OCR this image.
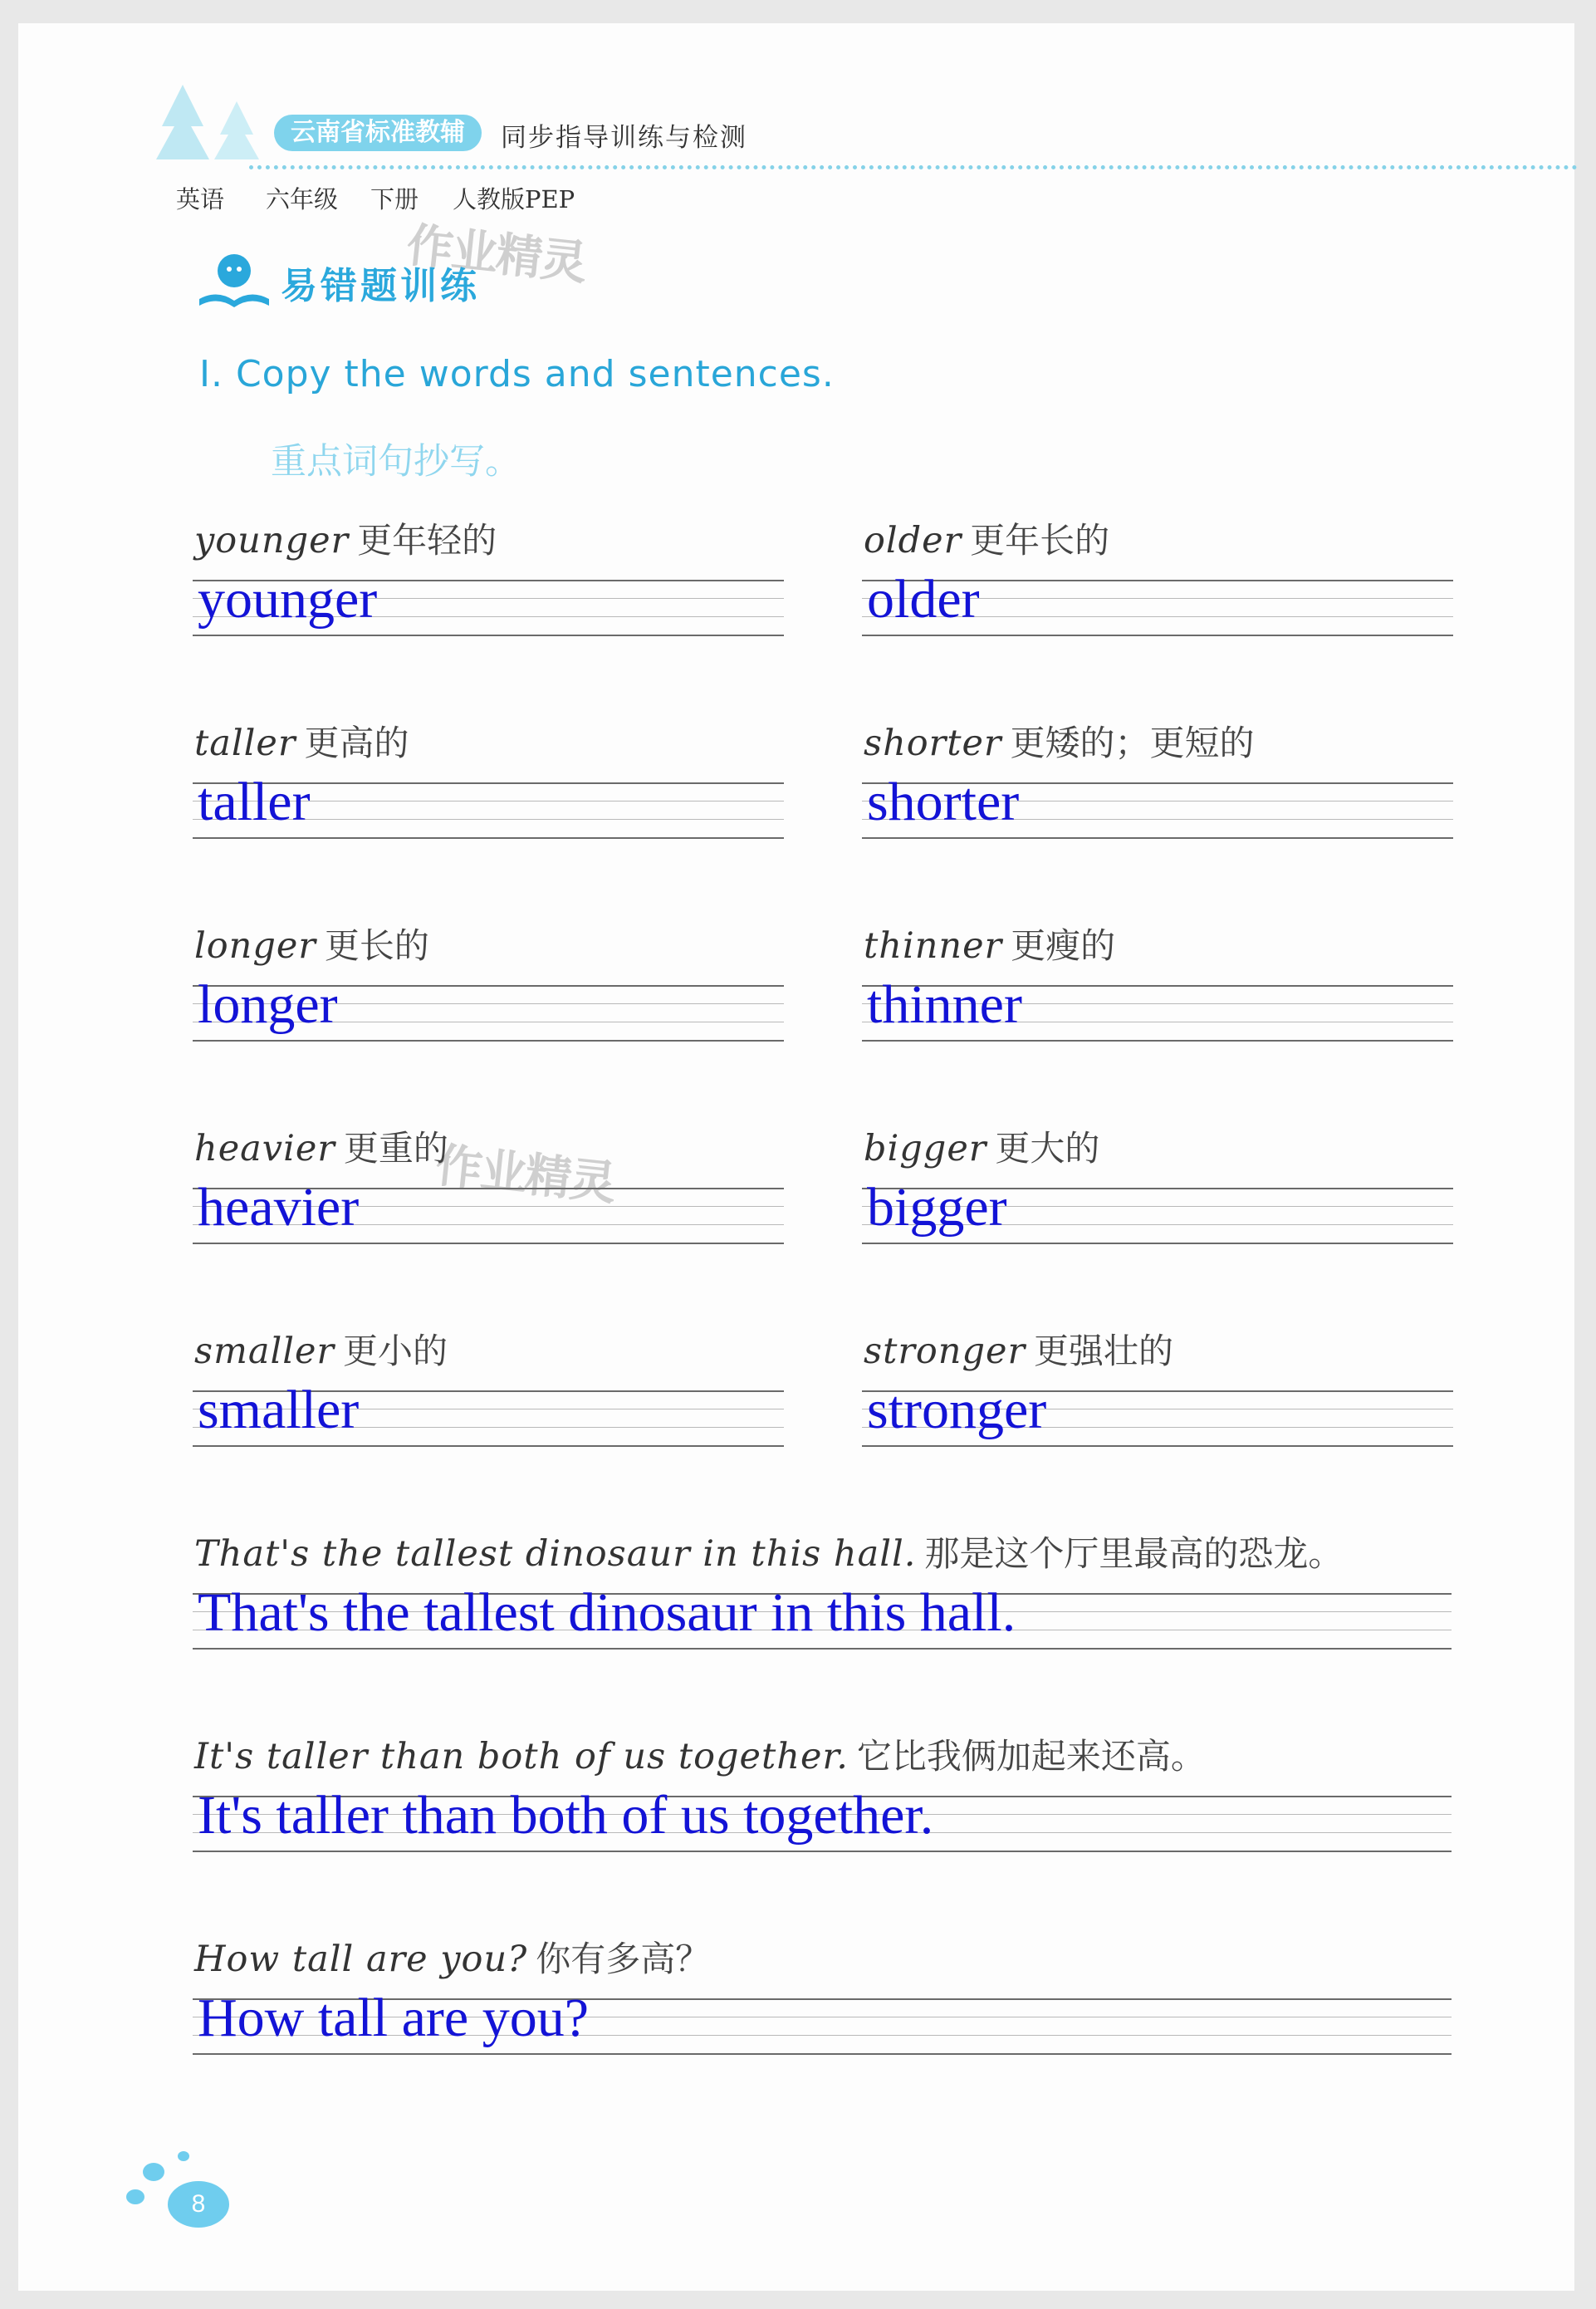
云南省标准教辅	同步指导训练与检测
英语 六年级 下册 人教版PEP
作业精灵
作业精灵
易错题训练
Ⅰ. Copy the words and sentences.
重点词句抄写。
younger 更年轻的
younger
older 更年长的
older
taller 更高的
taller
shorter 更矮的；更短的
shorter
longer 更长的
longer
thinner 更瘦的
thinner
heavier 更重的
heavier
bigger 更大的
bigger
smaller 更小的
smaller
stronger 更强壮的
stronger
That's the tallest dinosaur in this hall. 那是这个厅里最高的恐龙。
That's the tallest dinosaur in this hall.
It's taller than both of us together. 它比我俩加起来还高。
It's taller than both of us together.
How tall are you? 你有多高？
How tall are you?
8
